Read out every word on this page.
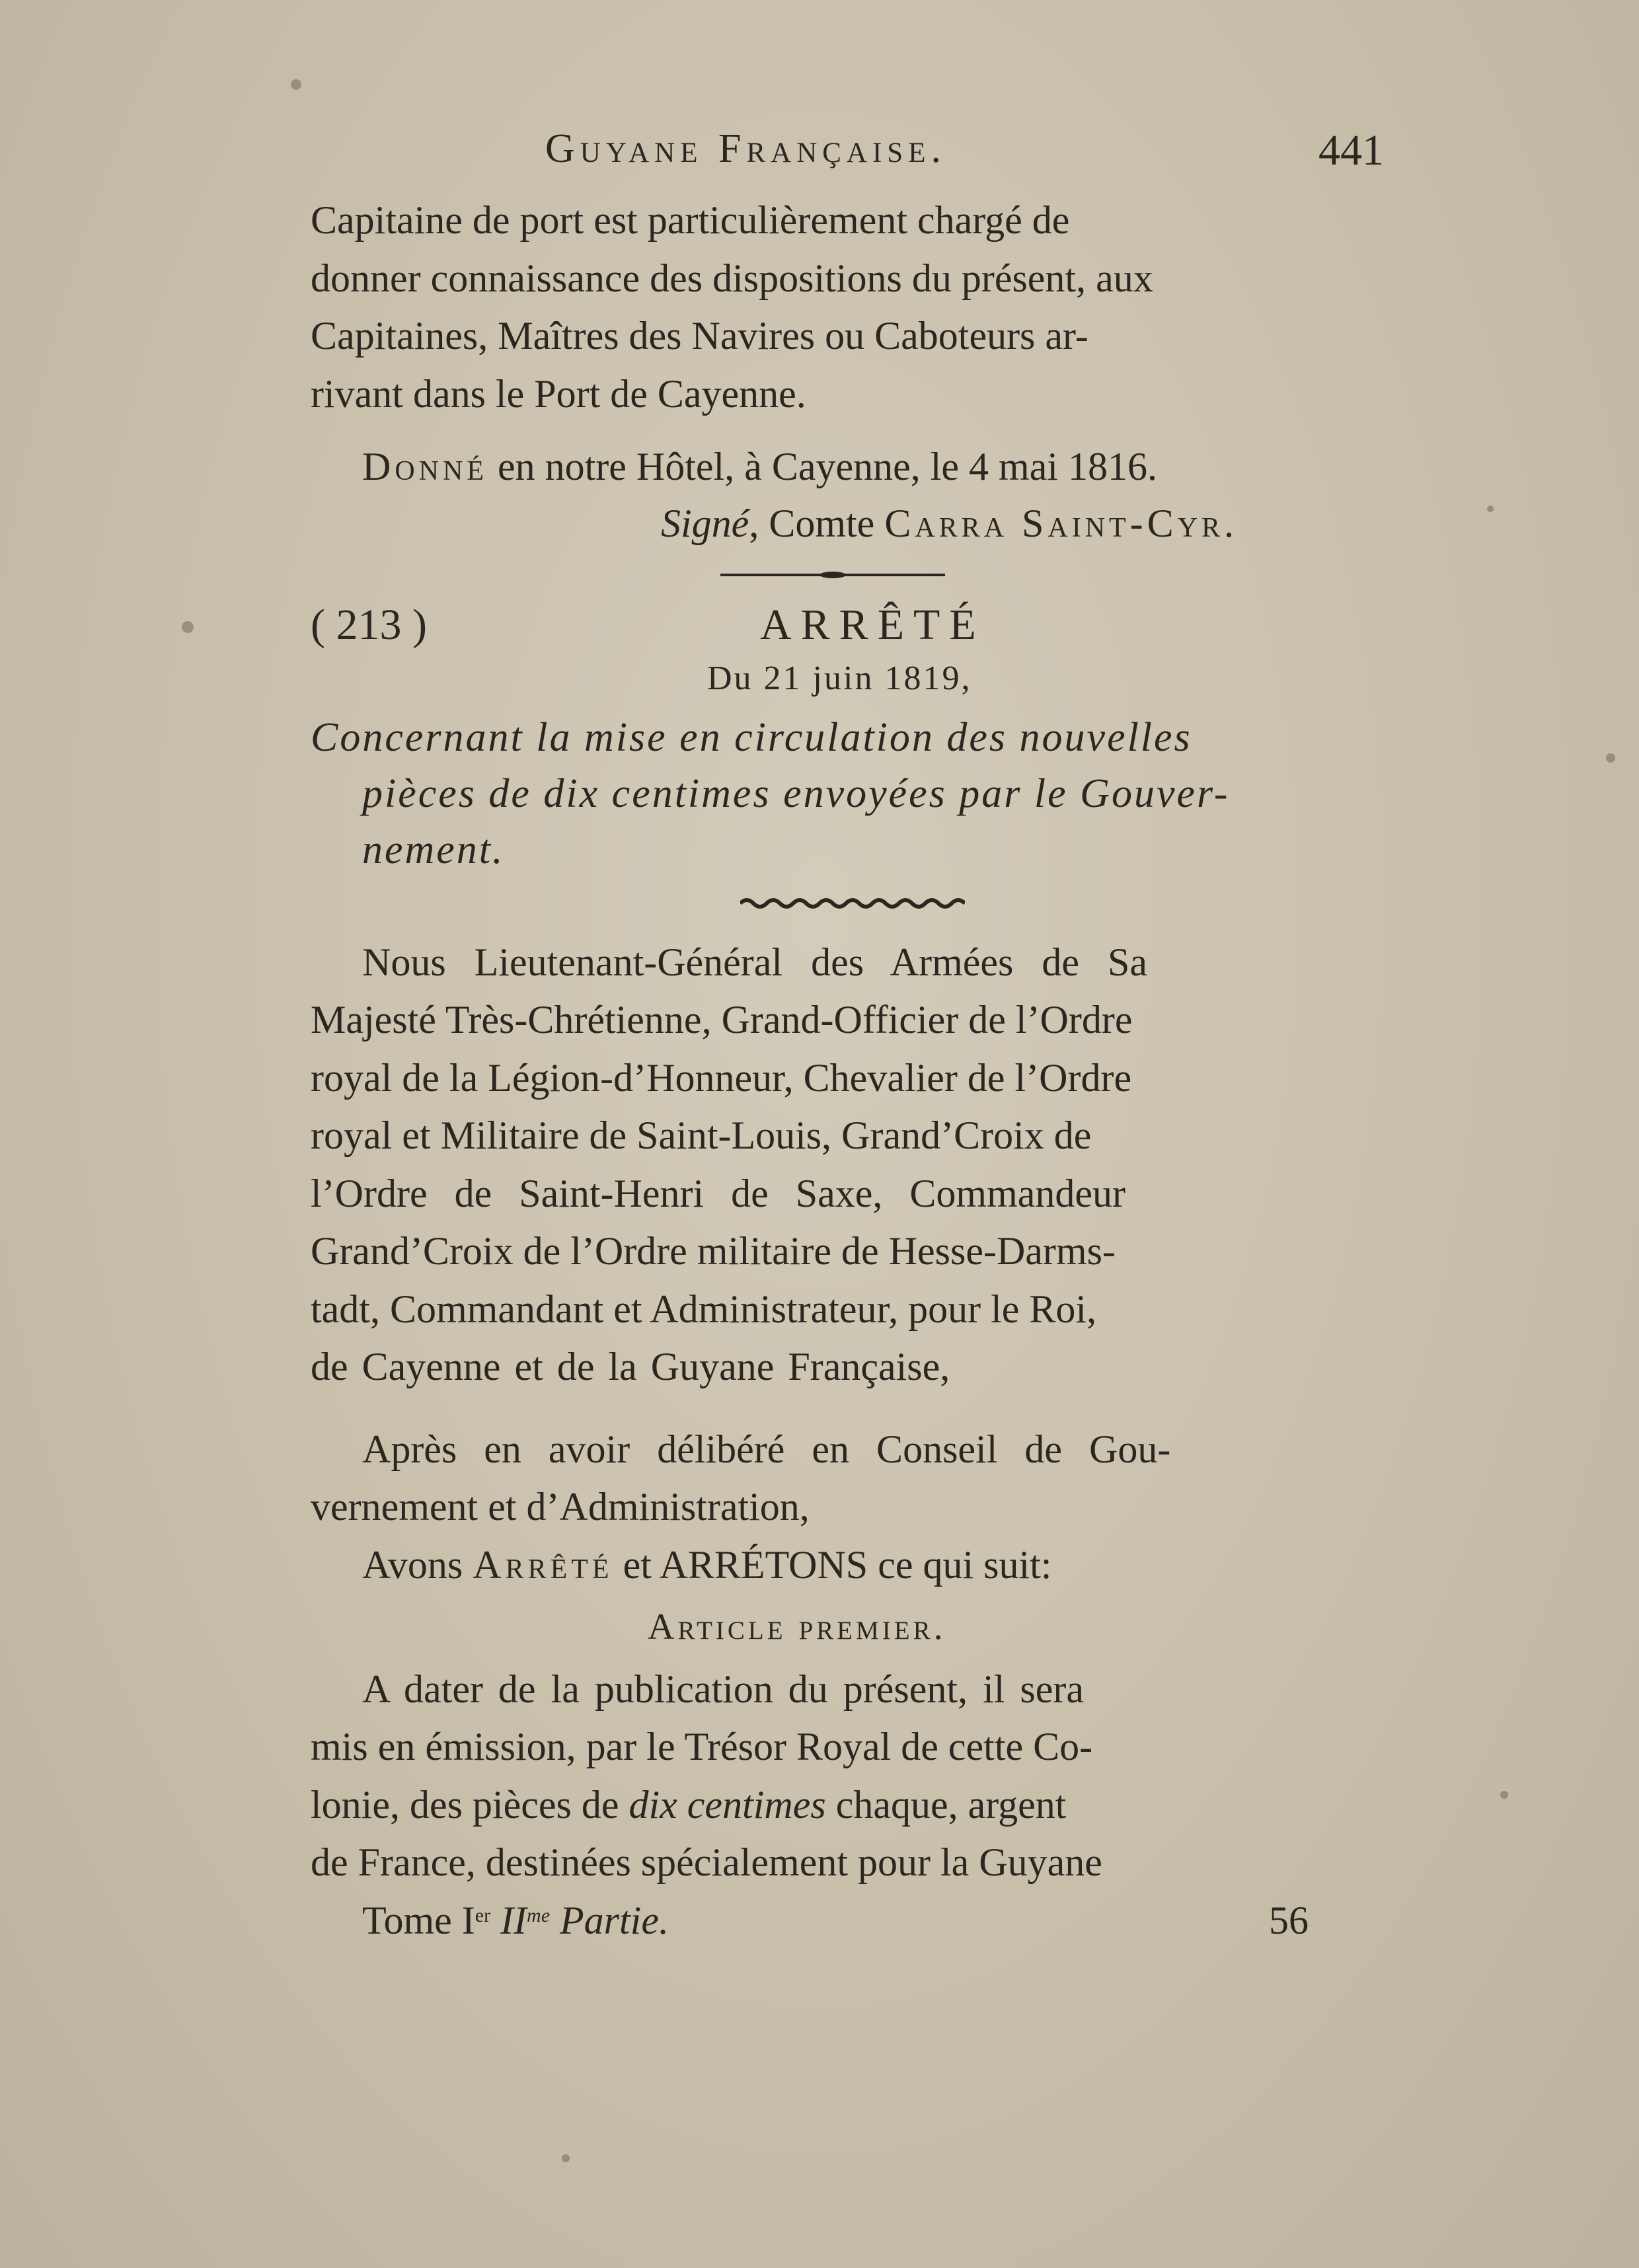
Guyane Française.	441
Capitaine de port est particulièrement chargé de
donner connaissance des dispositions du présent, aux
Capitaines, Maîtres des Navires ou Caboteurs ar-
rivant dans le Port de Cayenne.
Donné en notre Hôtel, à Cayenne, le 4 mai 1816.
Signé, Comte Carra Saint-Cyr.
( 213 )	ARRÊTÉ
Du 21 juin 1819,
Concernant la mise en circulation des nouvelles
pièces de dix centimes envoyées par le Gouver-
nement.
Nous Lieutenant-Général des Armées de Sa
Majesté Très-Chrétienne, Grand-Officier de l’Ordre
royal de la Légion-d’Honneur, Chevalier de l’Ordre
royal et Militaire de Saint-Louis, Grand’Croix de
l’Ordre de Saint-Henri de Saxe, Commandeur
Grand’Croix de l’Ordre militaire de Hesse-Darms-
tadt, Commandant et Administrateur, pour le Roi,
de Cayenne et de la Guyane Française,
Après en avoir délibéré en Conseil de Gou-
vernement et d’Administration,
Avons Arrêté et ARRÉTONS ce qui suit:
Article premier.
A dater de la publication du présent, il sera
mis en émission, par le Trésor Royal de cette Co-
lonie, des pièces de dix centimes chaque, argent
de France, destinées spécialement pour la Guyane
Tome Ier $II^{me}$ Partie.	56
